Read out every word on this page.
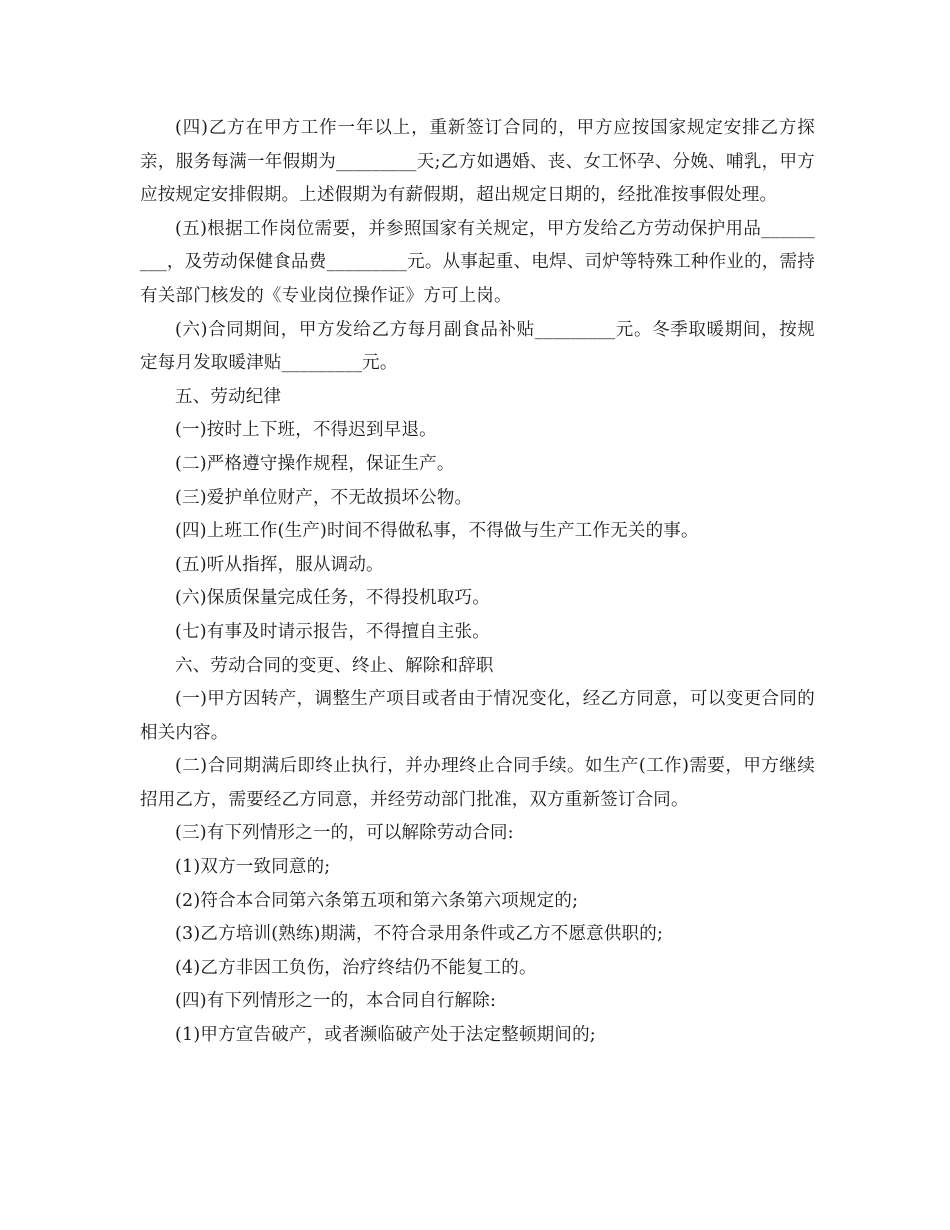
(四)乙方在甲方工作一年以上，重新签订合同的，甲方应按国家规定安排乙方探亲，服务每满一年假期为_________天;乙方如遇婚、丧、女工怀孕、分娩、哺乳，甲方应按规定安排假期。上述假期为有薪假期，超出规定日期的，经批准按事假处理。

(五)根据工作岗位需要，并参照国家有关规定，甲方发给乙方劳动保护用品_________，及劳动保健食品费_________元。从事起重、电焊、司炉等特殊工种作业的，需持有关部门核发的《专业岗位操作证》方可上岗。

(六)合同期间，甲方发给乙方每月副食品补贴_________元。冬季取暖期间，按规定每月发取暖津贴_________元。

五、劳动纪律

(一)按时上下班，不得迟到早退。

(二)严格遵守操作规程，保证生产。

(三)爱护单位财产，不无故损坏公物。

(四)上班工作(生产)时间不得做私事，不得做与生产工作无关的事。

(五)听从指挥，服从调动。

(六)保质保量完成任务，不得投机取巧。

(七)有事及时请示报告，不得擅自主张。

六、劳动合同的变更、终止、解除和辞职

(一)甲方因转产，调整生产项目或者由于情况变化，经乙方同意，可以变更合同的相关内容。

(二)合同期满后即终止执行，并办理终止合同手续。如生产(工作)需要，甲方继续招用乙方，需要经乙方同意，并经劳动部门批准，双方重新签订合同。

(三)有下列情形之一的，可以解除劳动合同:

(1)双方一致同意的;

(2)符合本合同第六条第五项和第六条第六项规定的;

(3)乙方培训(熟练)期满，不符合录用条件或乙方不愿意供职的;

(4)乙方非因工负伤，治疗终结仍不能复工的。

(四)有下列情形之一的，本合同自行解除:

(1)甲方宣告破产，或者濒临破产处于法定整顿期间的;
